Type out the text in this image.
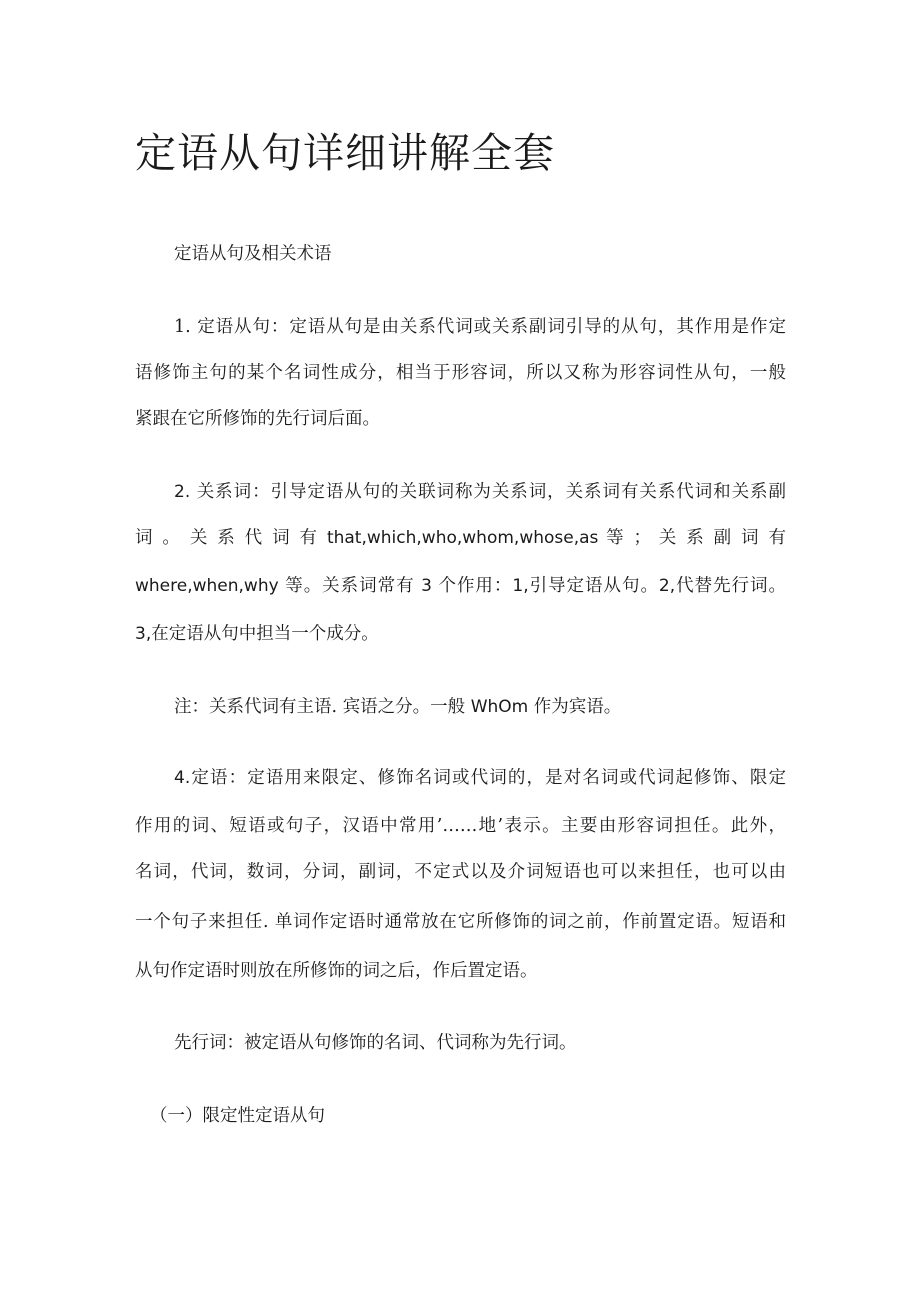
定语从句详细讲解全套

定语从句及相关术语

1. 定语从句：定语从句是由关系代词或关系副词引导的从句，其作用是作定

语修饰主句的某个名词性成分，相当于形容词，所以又称为形容词性从句，一般

紧跟在它所修饰的先行词后面。

2. 关系词：引导定语从句的关联词称为关系词，关系词有关系代词和关系副

词 。 关 系 代 词 有 that,which,who,whom,whose,as 等 ； 关 系 副 词 有

where,when,why 等。关系词常有 3 个作用：1,引导定语从句。2,代替先行词。

3,在定语从句中担当一个成分。

注：关系代词有主语. 宾语之分。一般 WhOm 作为宾语。

4.定语：定语用来限定、修饰名词或代词的，是对名词或代词起修饰、限定

作用的词、短语或句子，汉语中常用’……地’表示。主要由形容词担任。此外，

名词，代词，数词，分词，副词，不定式以及介词短语也可以来担任，也可以由

一个句子来担任. 单词作定语时通常放在它所修饰的词之前，作前置定语。短语和

从句作定语时则放在所修饰的词之后，作后置定语。

先行词：被定语从句修饰的名词、代词称为先行词。

（一）限定性定语从句
